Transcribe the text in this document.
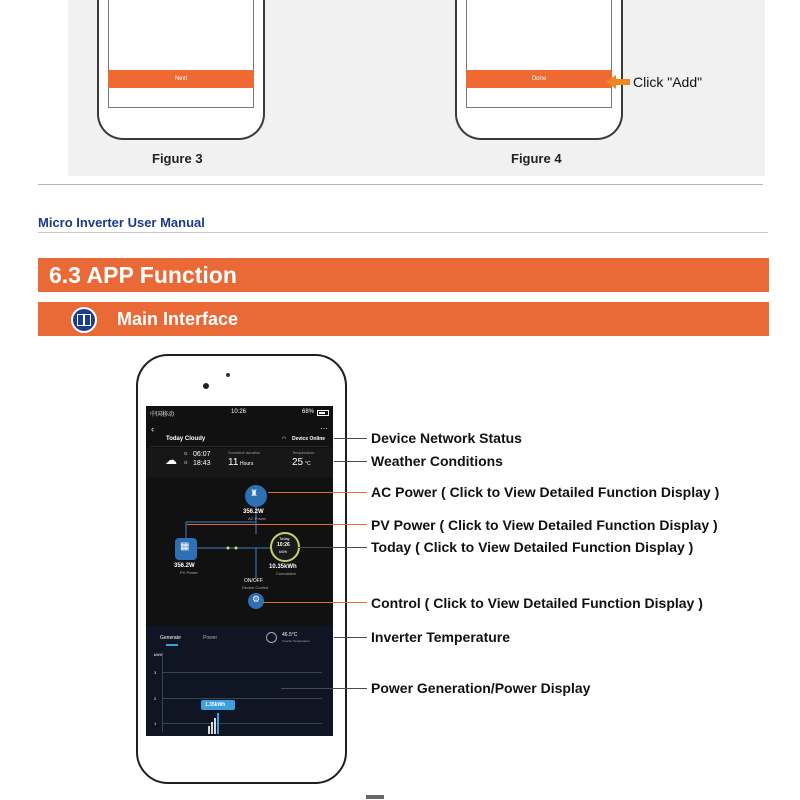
Next
Figure 3
Done
Figure 4
Click "Add"
Micro Inverter User Manual
6.3 APP Function
Main Interface
中国移动	10:26	68%
‹	···
Today Cloudy	◠ Device Online
☁ ☼ 06:07
☼ 18:43
Sunshine duration
11 Hours
Temperature
25 °C
♜
356.2W
AC Power
▦
356.2W
PV Power
Today
10:26
kWh
10.35kWh
Cumulative
ON/OFF
Device Control
⚙
Generate	Power	46.5°C
Inverter Temperature
kWh
3
2
1
1.35kWh
Device Network Status
Weather Conditions
AC Power ( Click to View Detailed Function Display )
PV Power ( Click to View Detailed Function Display )
Today ( Click to View Detailed Function Display )
Control ( Click to View Detailed Function Display )
Inverter Temperature
Power Generation/Power Display
